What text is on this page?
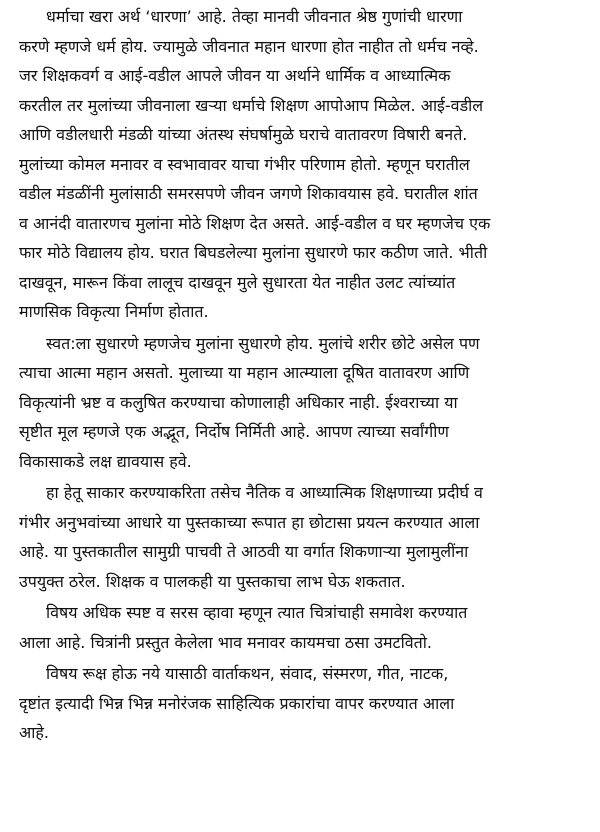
धर्माचा खरा अर्थ ‘धारणा’ आहे. तेव्हा मानवी जीवनात श्रेष्ठ गुणांची धारणा
करणे म्हणजे धर्म होय. ज्यामुळे जीवनात महान धारणा होत नाहीत तो धर्मच नव्हे.
जर शिक्षकवर्ग व आई-वडील आपले जीवन या अर्थाने धार्मिक व आध्यात्मिक
करतील तर मुलांच्या जीवनाला खऱ्या धर्माचे शिक्षण आपोआप मिळेल. आई-वडील
आणि वडीलधारी मंडळी यांच्या अंतस्थ संघर्षामुळे घराचे वातावरण विषारी बनते.
मुलांच्या कोमल मनावर व स्वभावावर याचा गंभीर परिणाम होतो. म्हणून घरातील
वडील मंडळींनी मुलांसाठी समरसपणे जीवन जगणे शिकावयास हवे. घरातील शांत
व आनंदी वातारणच मुलांना मोठे शिक्षण देत असते. आई-वडील व घर म्हणजेच एक
फार मोठे विद्यालय होय. घरात बिघडलेल्या मुलांना सुधारणे फार कठीण जाते. भीती
दाखवून, मारून किंवा लालूच दाखवून मुले सुधारता येत नाहीत उलट त्यांच्यांत
माणसिक विकृत्या निर्माण होतात.
स्वत:ला सुधारणे म्हणजेच मुलांना सुधारणे होय. मुलांचे शरीर छोटे असेल पण
त्याचा आत्मा महान असतो. मुलाच्या या महान आत्म्याला दूषित वातावरण आणि
विकृत्यांनी भ्रष्ट व कलुषित करण्याचा कोणालाही अधिकार नाही. ईश्वराच्या या
सृष्टीत मूल म्हणजे एक अद्भूत, निर्दोष निर्मिती आहे. आपण त्याच्या सर्वांगीण
विकासाकडे लक्ष द्यावयास हवे.
हा हेतू साकार करण्याकरिता तसेच नैतिक व आध्यात्मिक शिक्षणाच्या प्रदीर्घ व
गंभीर अनुभवांच्या आधारे या पुस्तकाच्या रूपात हा छोटासा प्रयत्न करण्यात आला
आहे. या पुस्तकातील सामुग्री पाचवी ते आठवी या वर्गात शिकणाऱ्या मुलामुलींना
उपयुक्त ठरेल. शिक्षक व पालकही या पुस्तकाचा लाभ घेऊ शकतात.
विषय अधिक स्पष्ट व सरस व्हावा म्हणून त्यात चित्रांचाही समावेश करण्यात
आला आहे. चित्रांनी प्रस्तुत केलेला भाव मनावर कायमचा ठसा उमटवितो.
विषय रूक्ष होऊ नये यासाठी वार्ताकथन, संवाद, संस्मरण, गीत, नाटक,
दृष्टांत इत्यादी भिन्न भिन्न मनोरंजक साहित्यिक प्रकारांचा वापर करण्यात आला
आहे.
